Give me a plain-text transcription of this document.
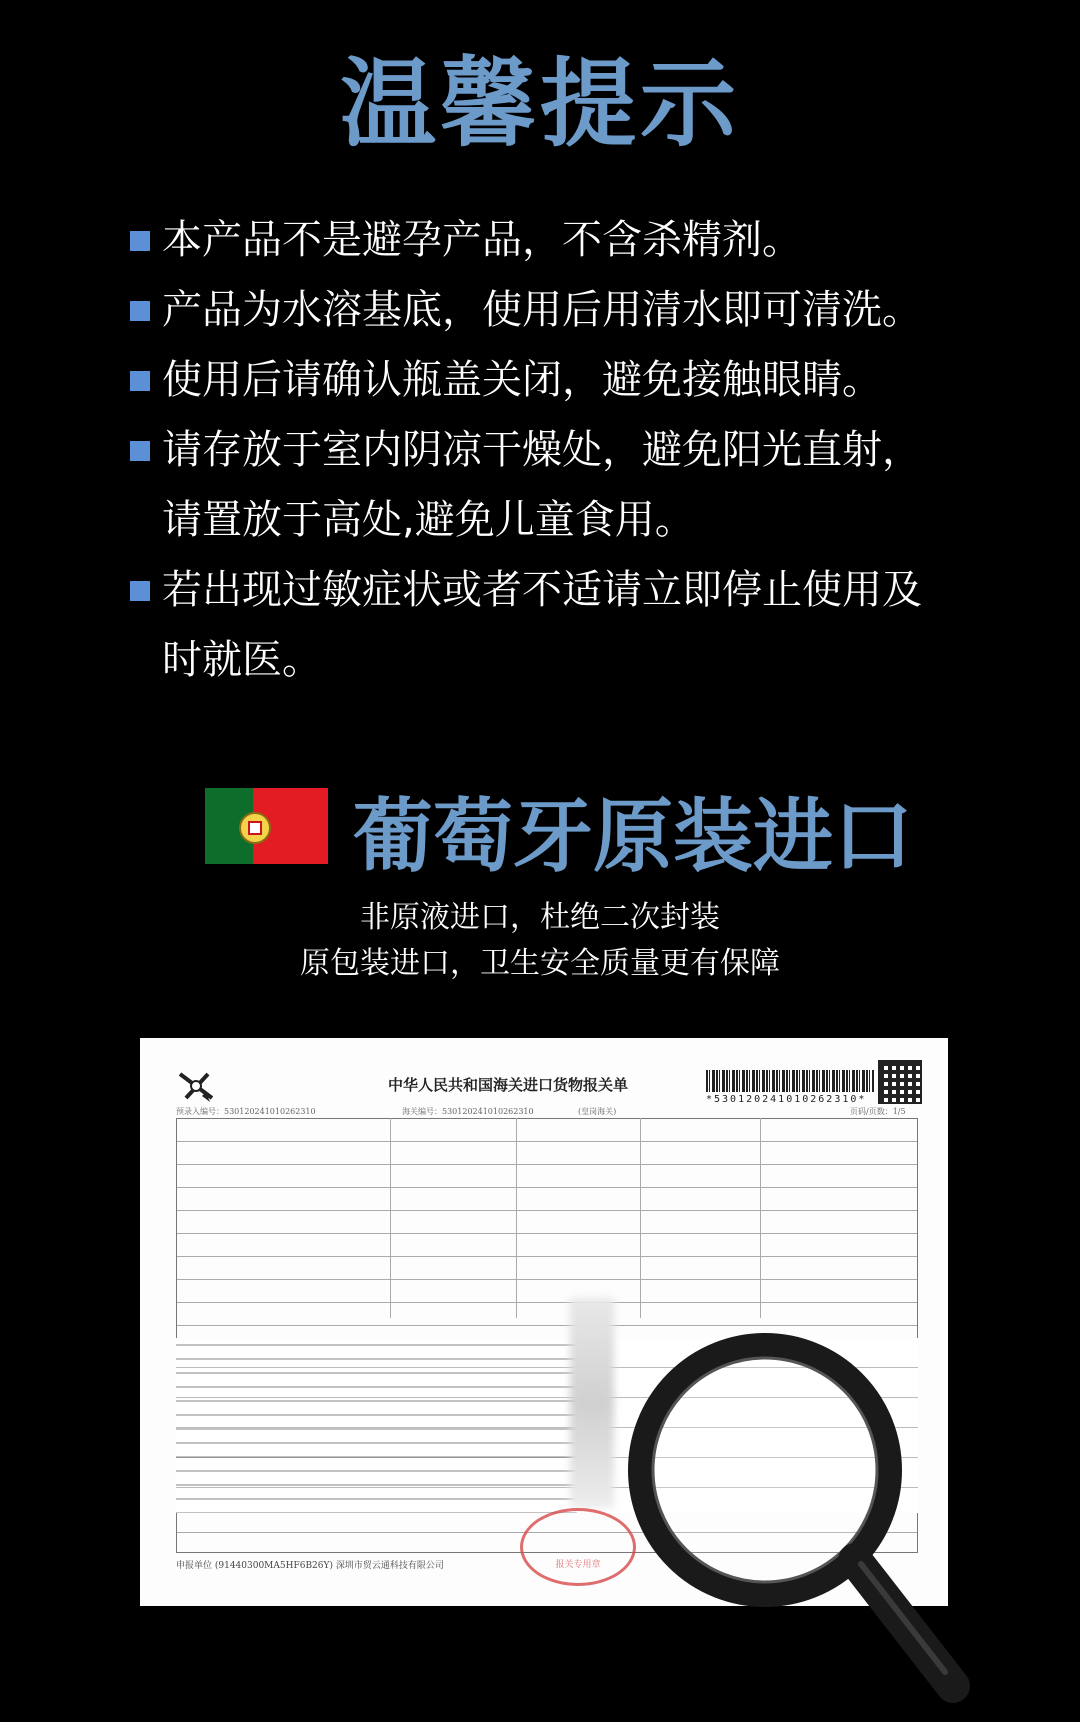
温馨提示
本产品不是避孕产品，不含杀精剂。
产品为水溶基底，使用后用清水即可清洗。
使用后请确认瓶盖关闭，避免接触眼睛。
请存放于室内阴凉干燥处，避免阳光直射，
请置放于高处,避免儿童食用。
若出现过敏症状或者不适请立即停止使用及
时就医。
葡萄牙原装进口
非原液进口，杜绝二次封装
原包装进口，卫生安全质量更有保障
中华人民共和国海关进口货物报关单
*530120241010262310*
预录入编号：530120241010262310	海关编号：530120241010262310	(皇岗海关)	页码/页数：1/5
报关专用章
申报单位 (91440300MA5HF6B26Y) 深圳市贸云通科技有限公司
